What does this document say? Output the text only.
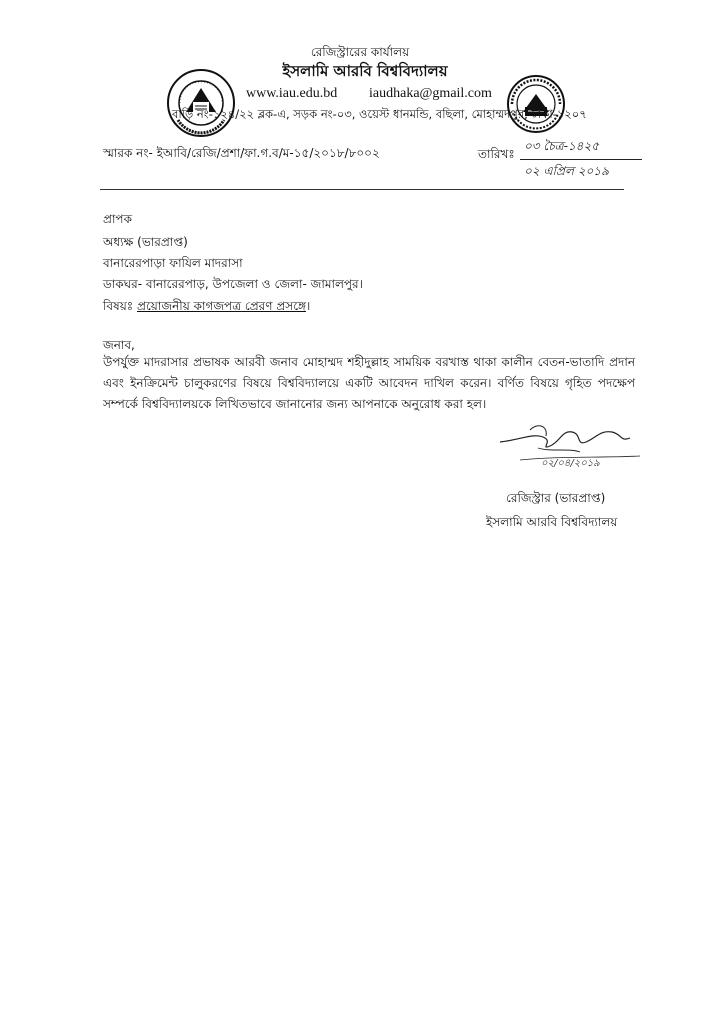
রেজিস্ট্রারের কার্যালয়
ইসলামি আরবি বিশ্ববিদ্যালয়
www.iau.edu.bd iaudhaka@gmail.com
বাড়ি নং-১২৪/২২ ব্লক-এ, সড়ক নং-০৩, ওয়েস্ট ধানমন্ডি, বছিলা, মোহাম্মদপুর, ঢাকা-১২০৭
স্মারক নং- ইআবি/রেজি/প্রশা/ফা.গ.ব/ম-১৫/২০১৮/৮০০২	তারিখঃ
০৩ চৈত্র-১৪২৫
০২ এপ্রিল ২০১৯
প্রাপক
অধ্যক্ষ (ভারপ্রাপ্ত)
বানারেরপাড়া ফাযিল মাদরাসা
ডাকঘর- বানারেরপাড়, উপজেলা ও জেলা- জামালপুর।
বিষয়ঃ প্রয়োজনীয় কাগজপত্র প্রেরণ প্রসঙ্গে।
জনাব,
উপর্যুক্ত মাদরাসার প্রভাষক আরবী জনাব মোহাম্মদ শহীদুল্লাহ সাময়িক বরখাস্ত থাকা কালীন বেতন-ভাতাদি প্রদান এবং ইনক্রিমেন্ট চালুকরণের বিষয়ে বিশ্ববিদ্যালয়ে একটি আবেদন দাখিল করেন। বর্ণিত বিষয়ে গৃহিত পদক্ষেপ সম্পর্কে বিশ্ববিদ্যালয়কে লিখিতভাবে জানানোর জন্য আপনাকে অনুরোধ করা হল।
০২/০৪/২০১৯
রেজিস্ট্রার (ভারপ্রাপ্ত)
ইসলামি আরবি বিশ্ববিদ্যালয়
